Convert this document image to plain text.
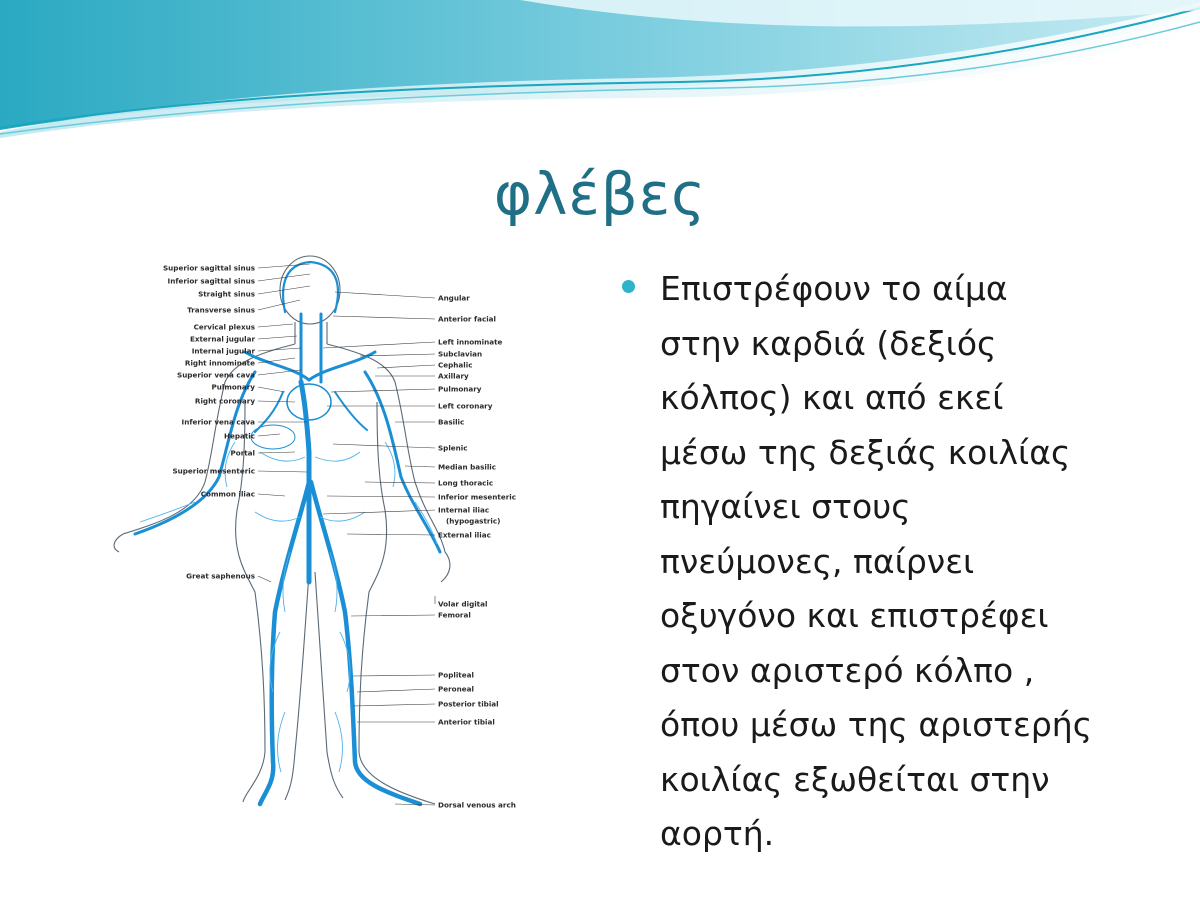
φλέβες
Superior sagittal sinus
Inferior sagittal sinus
Straight sinus
Transverse sinus
Cervical plexus
External jugular
Internal jugular
Right innominate
Superior vena cava
Pulmonary
Right coronary
Inferior vena cava
Hepatic
Portal
Superior mesenteric
Common iliac
Great saphenous
Angular
Anterior facial
Left innominate
Subclavian
Cephalic
Axillary
Pulmonary
Left coronary
Basilic
Splenic
Median basilic
Long thoracic
Inferior mesenteric
Internal iliac
(hypogastric)
External iliac
Volar digital
Femoral
Popliteal
Peroneal
Posterior tibial
Anterior tibial
Dorsal venous arch
Επιστρέφουν το αίμα
στην καρδιά (δεξιός
κόλπος) και από εκεί
μέσω της δεξιάς κοιλίας
πηγαίνει στους
πνεύμονες, παίρνει
οξυγόνο και επιστρέφει
στον αριστερό κόλπο ,
όπου μέσω της αριστερής
κοιλίας εξωθείται στην
αορτή.
